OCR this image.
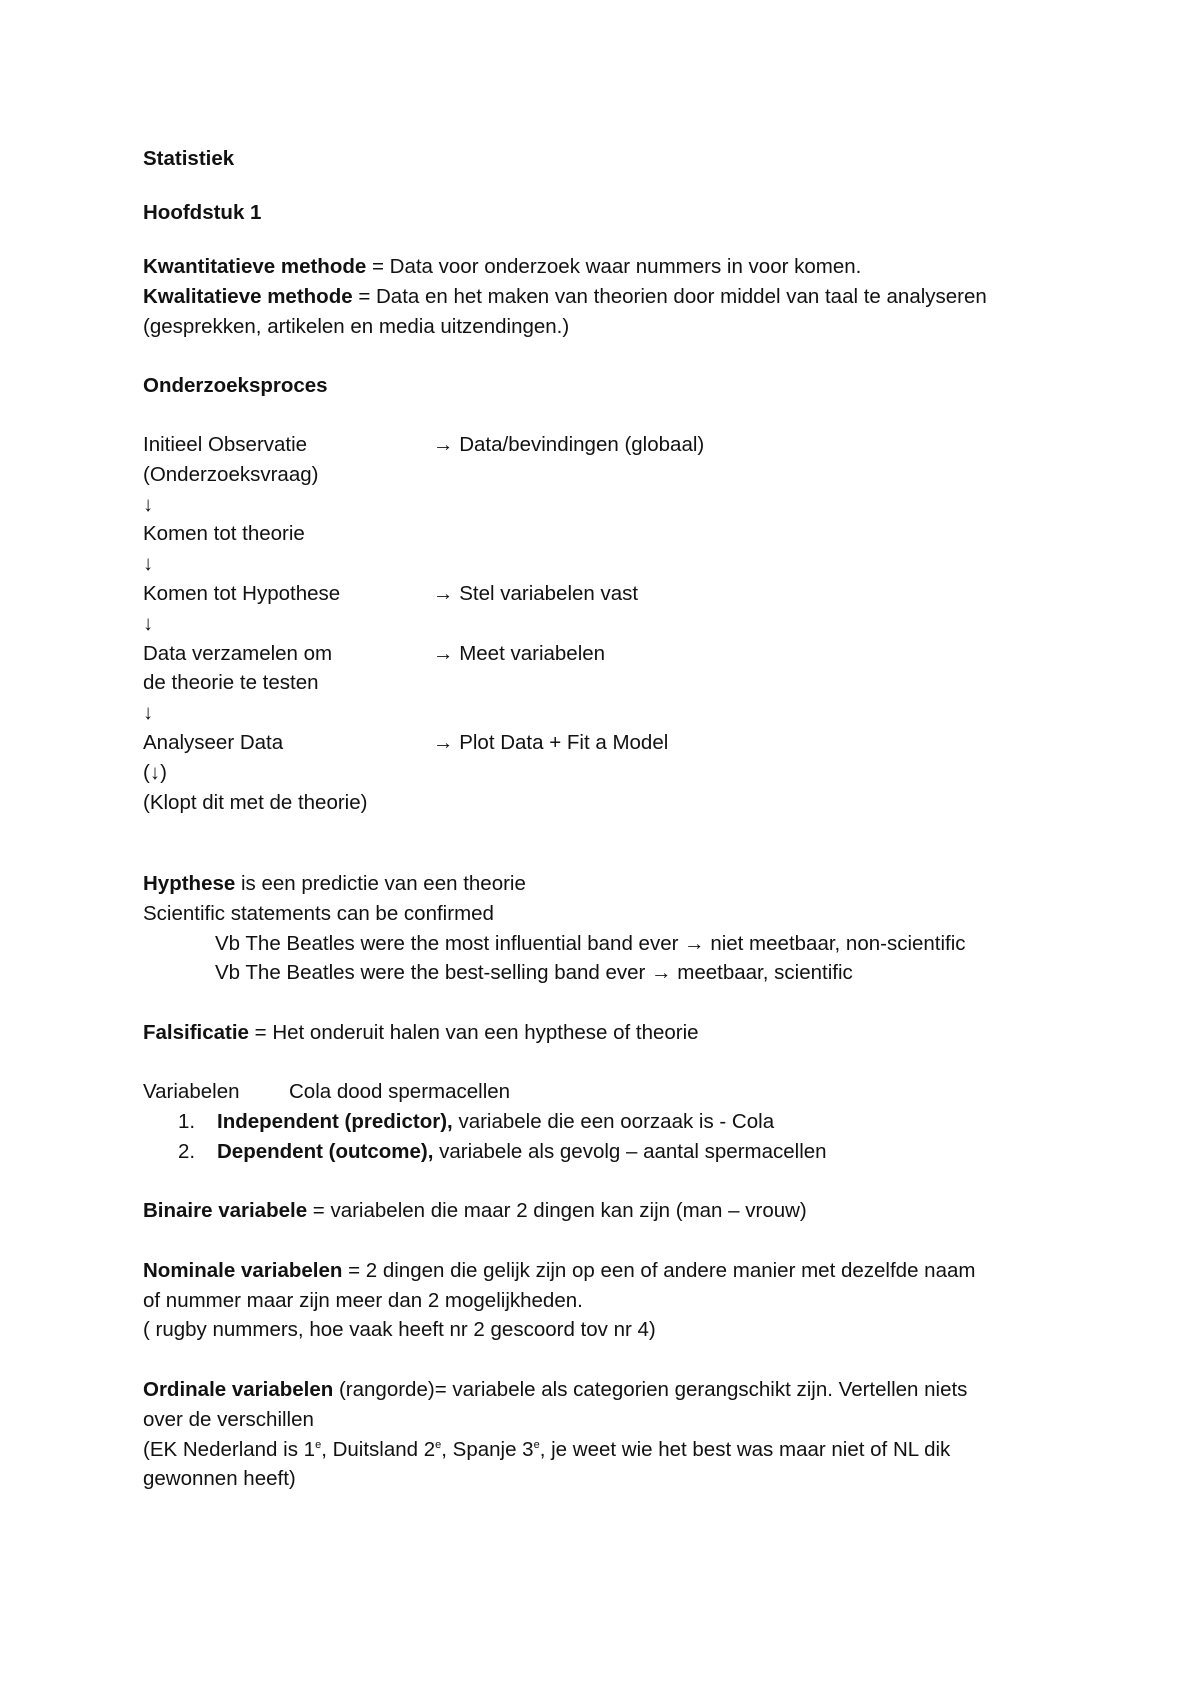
Statistiek
Hoofdstuk 1
Kwantitatieve methode = Data voor onderzoek waar nummers in voor komen.
Kwalitatieve methode = Data en het maken van theorien door middel van taal te analyseren
(gesprekken, artikelen en media uitzendingen.)
Onderzoeksproces
Initieel Observatie	→ Data/bevindingen (globaal)
(Onderzoeksvraag)
↓
Komen tot theorie
↓
Komen tot Hypothese	→ Stel variabelen vast
↓
Data verzamelen om	→ Meet variabelen
de theorie te testen
↓
Analyseer Data	→ Plot Data + Fit a Model
(↓)
(Klopt dit met de theorie)
Hypthese is een predictie van een theorie
Scientific statements can be confirmed
Vb The Beatles were the most influential band ever → niet meetbaar, non-scientific
Vb The Beatles were the best-selling band ever → meetbaar, scientific
Falsificatie = Het onderuit halen van een hypthese of theorie
Variabelen Cola dood spermacellen
1. Independent (predictor), variabele die een oorzaak is - Cola
2. Dependent (outcome), variabele als gevolg – aantal spermacellen
Binaire variabele = variabelen die maar 2 dingen kan zijn (man – vrouw)
Nominale variabelen = 2 dingen die gelijk zijn op een of andere manier met dezelfde naam
of nummer maar zijn meer dan 2 mogelijkheden.
( rugby nummers, hoe vaak heeft nr 2 gescoord tov nr 4)
Ordinale variabelen (rangorde)= variabele als categorien gerangschikt zijn. Vertellen niets
over de verschillen
(EK Nederland is 1e, Duitsland 2e, Spanje 3e, je weet wie het best was maar niet of NL dik
gewonnen heeft)
